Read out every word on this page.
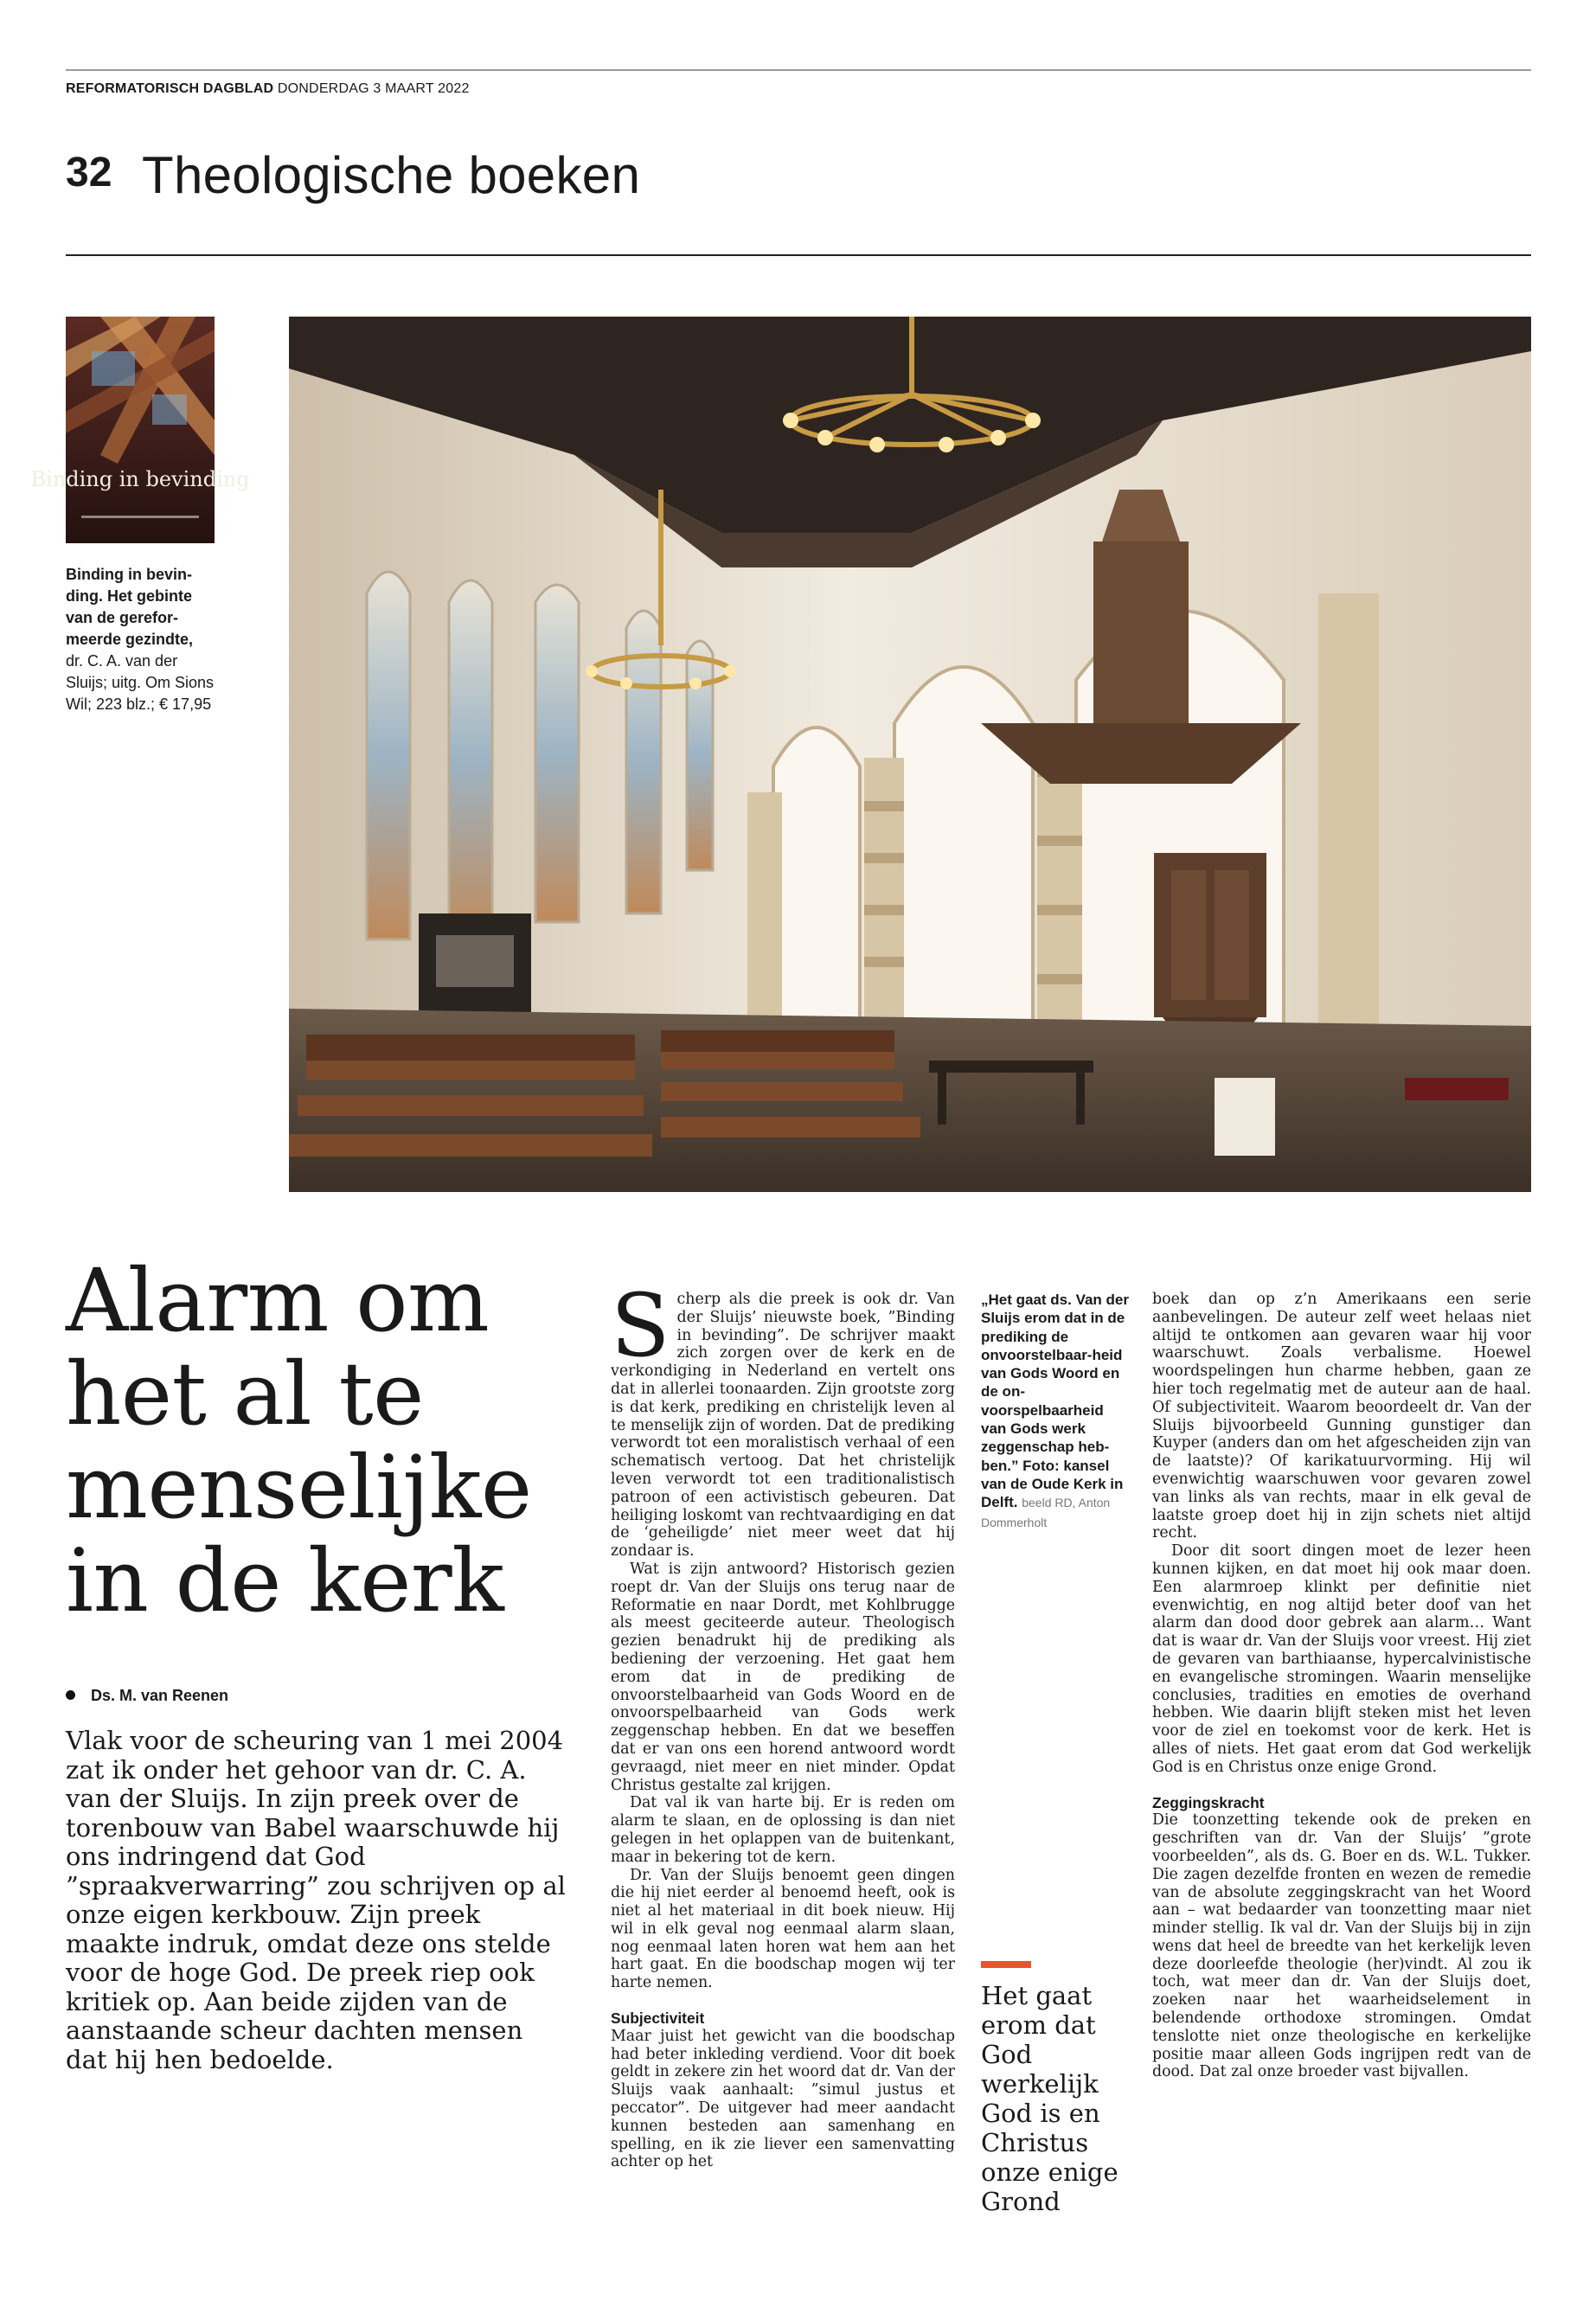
REFORMATORISCH DAGBLAD DONDERDAG 3 MAART 2022
32 Theologische boeken
Binding in bevinding
Binding in bevin-ding. Het gebinte van de gerefor-meerde gezindte, dr. C. A. van der Sluijs; uitg. Om Sions Wil; 223 blz.; € 17,95
Alarm om het al te menselijke in de kerk
Ds. M. van Reenen
Vlak voor de scheuring van 1 mei 2004 zat ik onder het gehoor van dr. C. A. van der Sluijs. In zijn preek over de torenbouw van Babel waarschuwde hij ons indringend dat God ”spraakverwarring” zou schrijven op al onze eigen kerkbouw. Zijn preek maakte indruk, omdat deze ons stelde voor de hoge God. De preek riep ook kritiek op. Aan beide zijden van de aanstaande scheur dachten mensen dat hij hen bedoelde.

Scherp als die preek is ook dr. Van der Sluijs’ nieuwste boek, ”Binding in bevinding”. De schrijver maakt zich zorgen over de kerk en de verkondiging in Nederland en vertelt ons dat in allerlei toonaarden. Zijn grootste zorg is dat kerk, prediking en christelijk leven al te menselijk zijn of worden. Dat de prediking verwordt tot een moralistisch verhaal of een schematisch vertoog. Dat het christelijk leven verwordt tot een traditionalistisch patroon of een activistisch gebeuren. Dat heiliging loskomt van rechtvaardiging en dat de ‘geheiligde’ niet meer weet dat hij zondaar is.

Wat is zijn antwoord? Historisch gezien roept dr. Van der Sluijs ons terug naar de Reformatie en naar Dordt, met Kohlbrugge als meest geciteerde auteur. Theologisch gezien benadrukt hij de prediking als bediening der verzoening. Het gaat hem erom dat in de prediking de onvoorstelbaarheid van Gods Woord en de onvoorspelbaarheid van Gods werk zeggenschap hebben. En dat we beseffen dat er van ons een horend antwoord wordt gevraagd, niet meer en niet minder. Opdat Christus gestalte zal krijgen.

Dat val ik van harte bij. Er is reden om alarm te slaan, en de oplossing is dan niet gelegen in het oplappen van de buitenkant, maar in bekering tot de kern.

Dr. Van der Sluijs benoemt geen dingen die hij niet eerder al benoemd heeft, ook is niet al het materiaal in dit boek nieuw. Hij wil in elk geval nog eenmaal alarm slaan, nog eenmaal laten horen wat hem aan het hart gaat. En die boodschap mogen wij ter harte nemen.

Subjectiviteit

Maar juist het gewicht van die boodschap had beter inkleding verdiend. Voor dit boek geldt in zekere zin het woord dat dr. Van der Sluijs vaak aanhaalt: ”simul justus et peccator”. De uitgever had meer aandacht kunnen besteden aan samenhang en spelling, en ik zie liever een samenvatting achter op het

„Het gaat ds. Van der Sluijs erom dat in de prediking de onvoorstelbaar-heid van Gods Woord en de on-voorspelbaarheid van Gods werk zeggenschap heb-ben.” Foto: kansel van de Oude Kerk in Delft. beeld RD, Anton Dommerholt
Het gaat erom dat God werkelijk God is en Christus onze enige Grond

boek dan op z’n Amerikaans een serie aanbevelingen. De auteur zelf weet helaas niet altijd te ontkomen aan gevaren waar hij voor waarschuwt. Zoals verbalisme. Hoewel woordspelingen hun charme hebben, gaan ze hier toch regelmatig met de auteur aan de haal. Of subjectiviteit. Waarom beoordeelt dr. Van der Sluijs bijvoorbeeld Gunning gunstiger dan Kuyper (anders dan om het afgescheiden zijn van de laatste)? Of karikatuurvorming. Hij wil evenwichtig waarschuwen voor gevaren zowel van links als van rechts, maar in elk geval de laatste groep doet hij in zijn schets niet altijd recht.

Door dit soort dingen moet de lezer heen kunnen kijken, en dat moet hij ook maar doen. Een alarmroep klinkt per definitie niet evenwichtig, en nog altijd beter doof van het alarm dan dood door gebrek aan alarm… Want dat is waar dr. Van der Sluijs voor vreest. Hij ziet de gevaren van barthiaanse, hypercalvinistische en evangelische stromingen. Waarin menselijke conclusies, tradities en emoties de overhand hebben. Wie daarin blijft steken mist het leven voor de ziel en toekomst voor de kerk. Het is alles of niets. Het gaat erom dat God werkelijk God is en Christus onze enige Grond.

Zeggingskracht

Die toonzetting tekende ook de preken en geschriften van dr. Van der Sluijs’ ”grote voorbeelden”, als ds. G. Boer en ds. W.L. Tukker. Die zagen dezelfde fronten en wezen de remedie van de absolute zeggingskracht van het Woord aan – wat bedaarder van toonzetting maar niet minder stellig. Ik val dr. Van der Sluijs bij in zijn wens dat heel de breedte van het kerkelijk leven deze doorleefde theologie (her)vindt. Al zou ik toch, wat meer dan dr. Van der Sluijs doet, zoeken naar het waarheidselement in belendende orthodoxe stromingen. Omdat tenslotte niet onze theologische en kerkelijke positie maar alleen Gods ingrijpen redt van de dood. Dat zal onze broeder vast bijvallen.
